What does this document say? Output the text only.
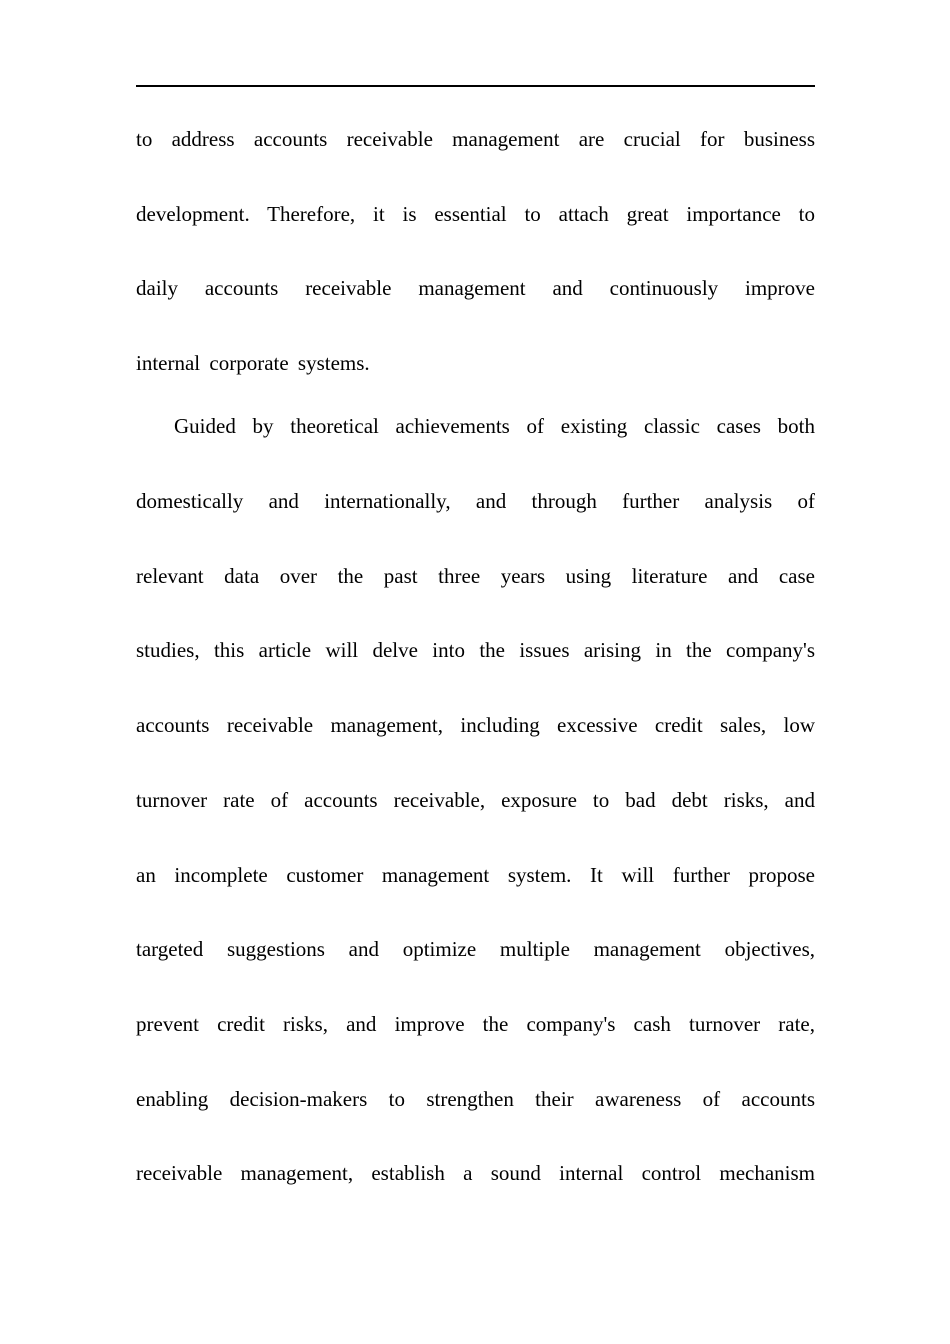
to address accounts receivable management are crucial for business
development. Therefore, it is essential to attach great importance to
daily accounts receivable management and continuously improve
internal corporate systems.
Guided by theoretical achievements of existing classic cases both
domestically and internationally, and through further analysis of
relevant data over the past three years using literature and case
studies, this article will delve into the issues arising in the company's
accounts receivable management, including excessive credit sales, low
turnover rate of accounts receivable, exposure to bad debt risks, and
an incomplete customer management system. It will further propose
targeted suggestions and optimize multiple management objectives,
prevent credit risks, and improve the company's cash turnover rate,
enabling decision-makers to strengthen their awareness of accounts
receivable management, establish a sound internal control mechanism
